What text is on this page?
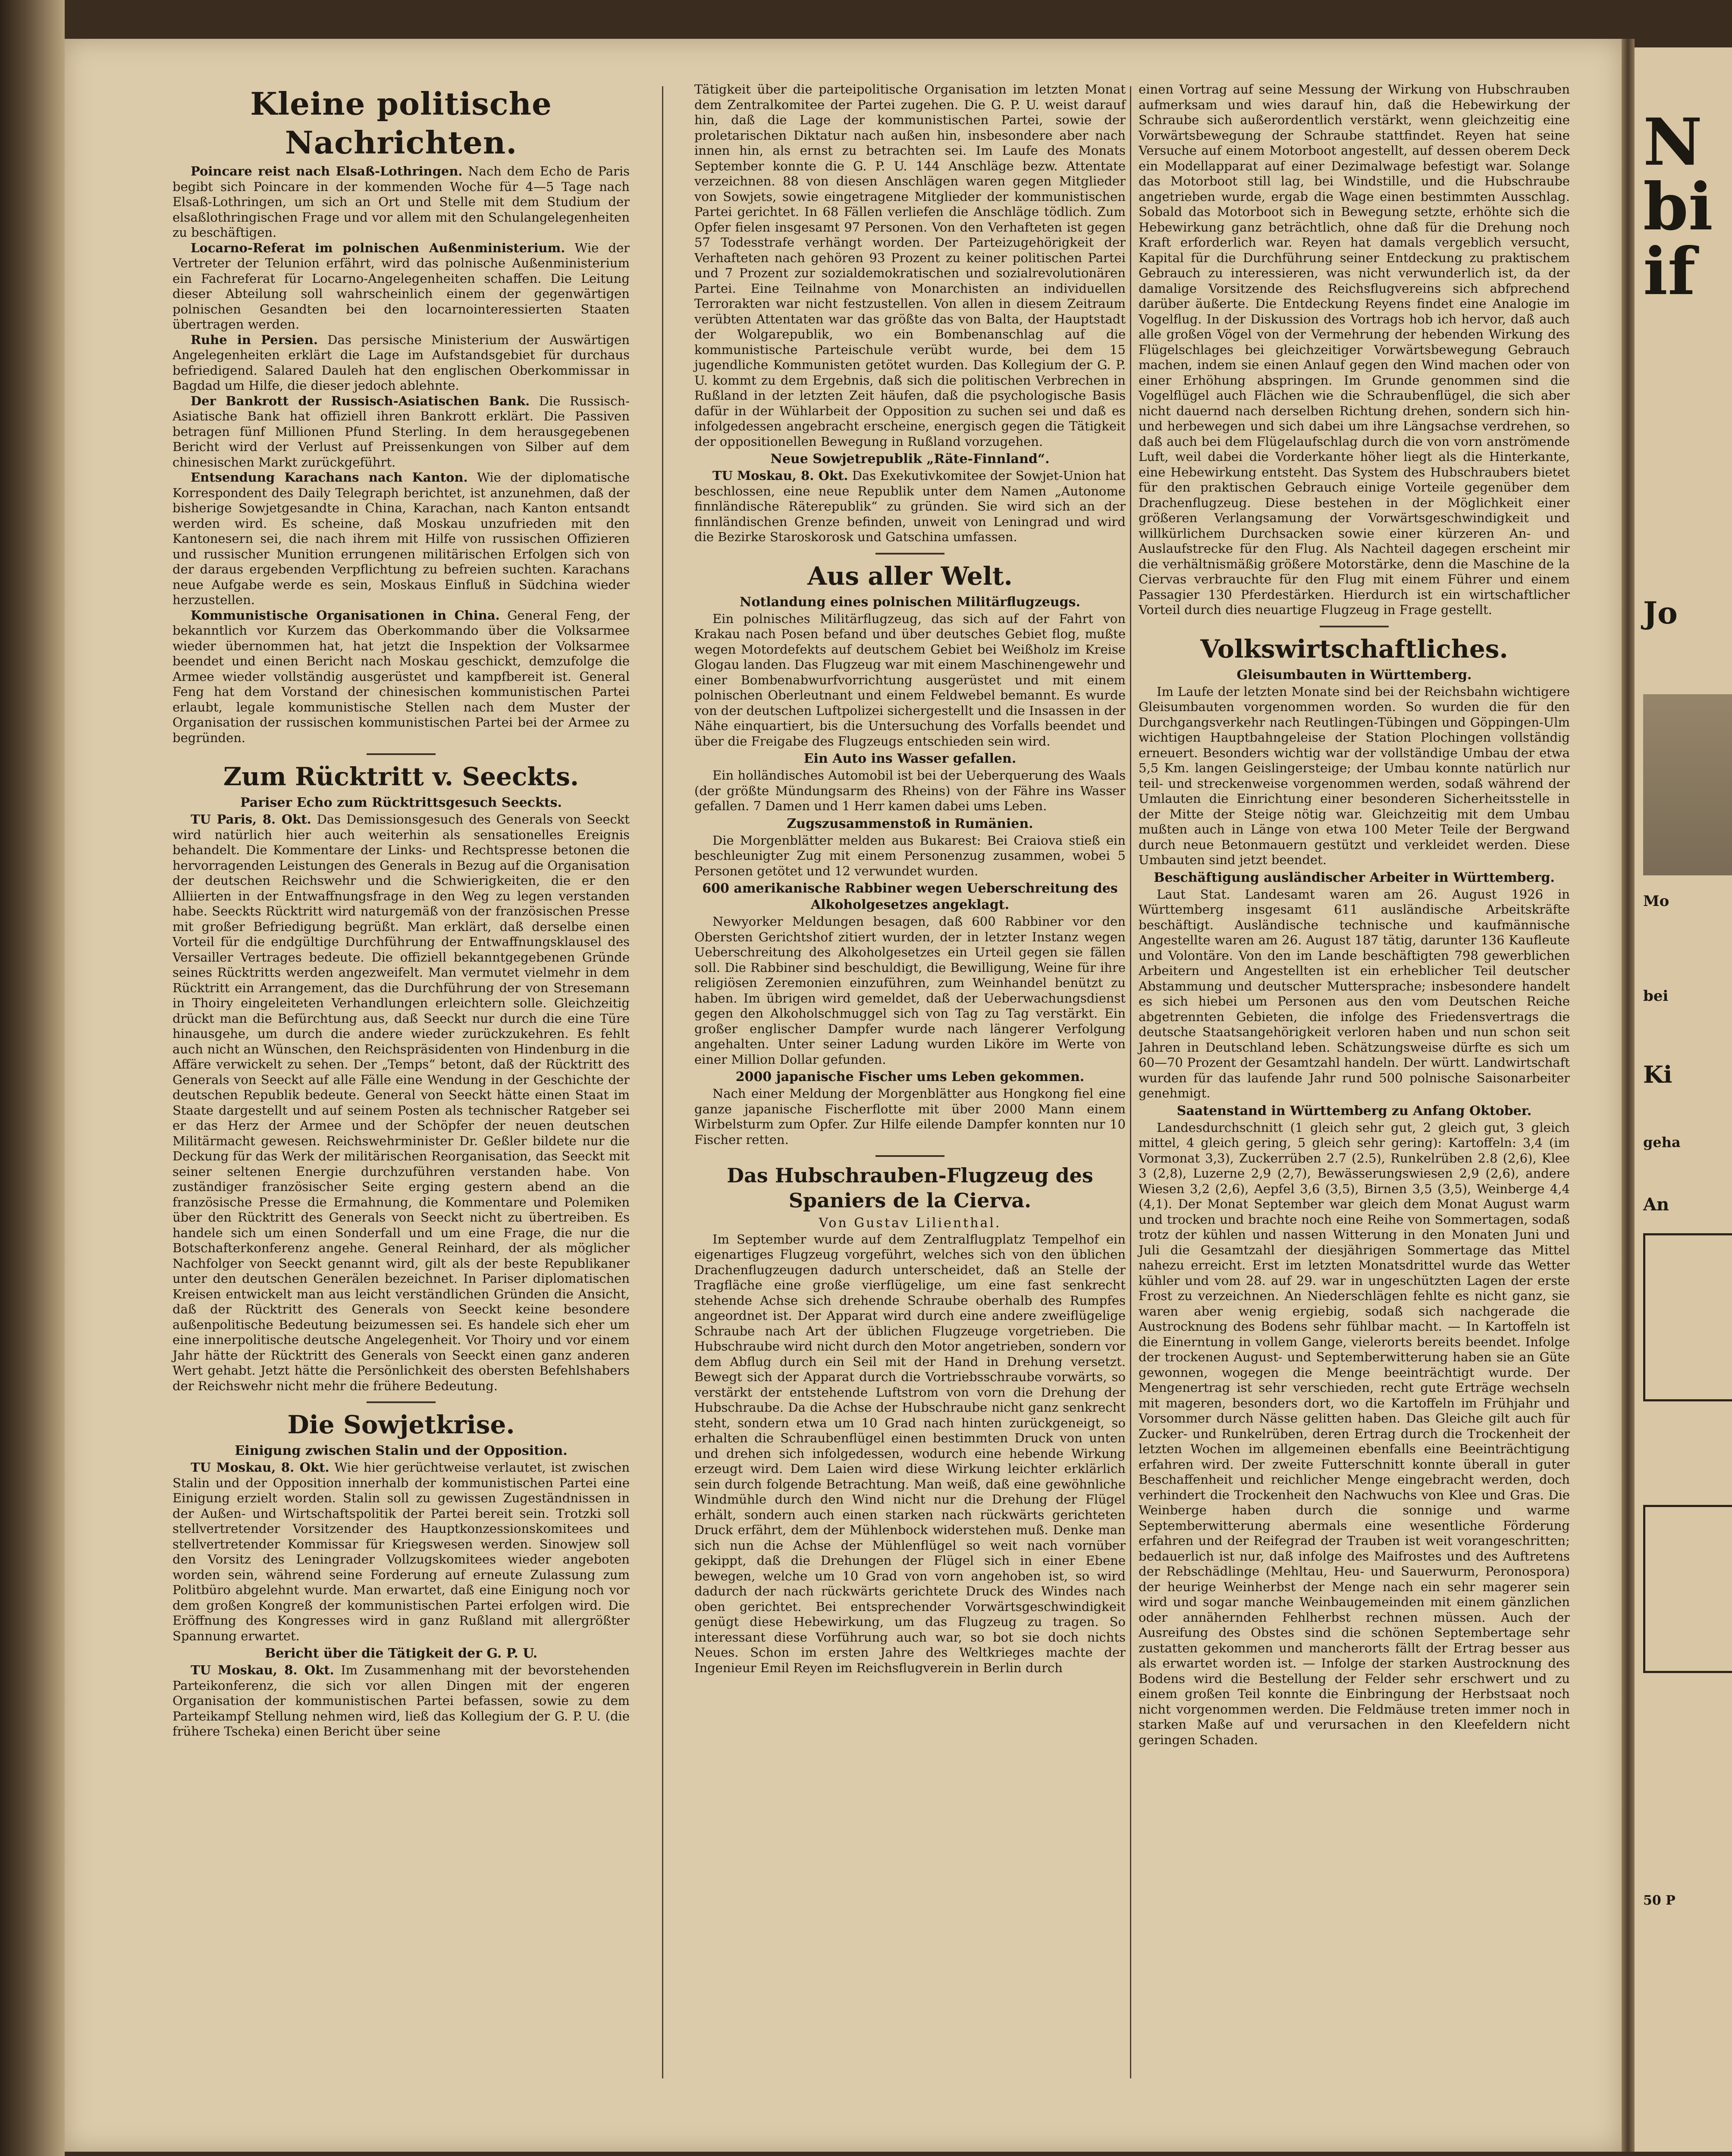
N
bi
if
Jo
Mo
bei
Ki
geha
An
50 P
Kleine politische Nachrichten.

Poincare reist nach Elsaß-Lothringen. Nach dem Echo de Paris begibt sich Poincare in der kommenden Woche für 4—5 Tage nach Elsaß-Lothringen, um sich an Ort und Stelle mit dem Studium der elsaßlothringischen Frage und vor allem mit den Schulangelegenheiten zu beschäftigen.

Locarno-Referat im polnischen Außenministerium. Wie der Vertreter der Telunion erfährt, wird das polnische Außenministerium ein Fachreferat für Locarno-Angelegenheiten schaffen. Die Leitung dieser Abteilung soll wahrscheinlich einem der gegenwärtigen polnischen Gesandten bei den locarnointeressierten Staaten übertragen werden.

Ruhe in Persien. Das persische Ministerium der Auswärtigen Angelegenheiten erklärt die Lage im Aufstandsgebiet für durchaus befriedigend. Salared Dauleh hat den englischen Oberkommissar in Bagdad um Hilfe, die dieser jedoch ablehnte.

Der Bankrott der Russisch-Asiatischen Bank. Die Russisch-Asiatische Bank hat offiziell ihren Bankrott erklärt. Die Passiven betragen fünf Millionen Pfund Sterling. In dem herausgegebenen Bericht wird der Verlust auf Preissenkungen von Silber auf dem chinesischen Markt zurückgeführt.

Entsendung Karachans nach Kanton. Wie der diplomatische Korrespondent des Daily Telegraph berichtet, ist anzunehmen, daß der bisherige Sowjetgesandte in China, Karachan, nach Kanton entsandt werden wird. Es scheine, daß Moskau unzufrieden mit den Kantonesern sei, die nach ihrem mit Hilfe von russischen Offizieren und russischer Munition errungenen militärischen Erfolgen sich von der daraus ergebenden Verpflichtung zu befreien suchten. Karachans neue Aufgabe werde es sein, Moskaus Einfluß in Südchina wieder herzustellen.

Kommunistische Organisationen in China. General Feng, der bekanntlich vor Kurzem das Oberkommando über die Volksarmee wieder übernommen hat, hat jetzt die Inspektion der Volksarmee beendet und einen Bericht nach Moskau geschickt, demzufolge die Armee wieder vollständig ausgerüstet und kampfbereit ist. General Feng hat dem Vorstand der chinesischen kommunistischen Partei erlaubt, legale kommunistische Stellen nach dem Muster der Organisation der russischen kommunistischen Partei bei der Armee zu begründen.

Zum Rücktritt v. Seeckts.
Pariser Echo zum Rücktrittsgesuch Seeckts.

TU Paris, 8. Okt. Das Demissionsgesuch des Generals von Seeckt wird natürlich hier auch weiterhin als sensationelles Ereignis behandelt. Die Kommentare der Links- und Rechtspresse betonen die hervorragenden Leistungen des Generals in Bezug auf die Organisation der deutschen Reichswehr und die Schwierigkeiten, die er den Alliierten in der Entwaffnungsfrage in den Weg zu legen verstanden habe. Seeckts Rücktritt wird naturgemäß von der französischen Presse mit großer Befriedigung begrüßt. Man erklärt, daß derselbe einen Vorteil für die endgültige Durchführung der Entwaffnungsklausel des Versailler Vertrages bedeute. Die offiziell bekanntgegebenen Gründe seines Rücktritts werden angezweifelt. Man vermutet vielmehr in dem Rücktritt ein Arrangement, das die Durchführung der von Stresemann in Thoiry eingeleiteten Verhandlungen erleichtern solle. Gleichzeitig drückt man die Befürchtung aus, daß Seeckt nur durch die eine Türe hinausgehe, um durch die andere wieder zurückzukehren. Es fehlt auch nicht an Wünschen, den Reichspräsidenten von Hindenburg in die Affäre verwickelt zu sehen. Der „Temps“ betont, daß der Rücktritt des Generals von Seeckt auf alle Fälle eine Wendung in der Geschichte der deutschen Republik bedeute. General von Seeckt hätte einen Staat im Staate dargestellt und auf seinem Posten als technischer Ratgeber sei er das Herz der Armee und der Schöpfer der neuen deutschen Militärmacht gewesen. Reichswehrminister Dr. Geßler bildete nur die Deckung für das Werk der militärischen Reorganisation, das Seeckt mit seiner seltenen Energie durchzuführen verstanden habe. Von zuständiger französischer Seite erging gestern abend an die französische Presse die Ermahnung, die Kommentare und Polemiken über den Rücktritt des Generals von Seeckt nicht zu übertreiben. Es handele sich um einen Sonderfall und um eine Frage, die nur die Botschafterkonferenz angehe. General Reinhard, der als möglicher Nachfolger von Seeckt genannt wird, gilt als der beste Republikaner unter den deutschen Generälen bezeichnet. In Pariser diplomatischen Kreisen entwickelt man aus leicht verständlichen Gründen die Ansicht, daß der Rücktritt des Generals von Seeckt keine besondere außenpolitische Bedeutung beizumessen sei. Es handele sich eher um eine innerpolitische deutsche Angelegenheit. Vor Thoiry und vor einem Jahr hätte der Rücktritt des Generals von Seeckt einen ganz anderen Wert gehabt. Jetzt hätte die Persönlichkeit des obersten Befehlshabers der Reichswehr nicht mehr die frühere Bedeutung.

Die Sowjetkrise.
Einigung zwischen Stalin und der Opposition.

TU Moskau, 8. Okt. Wie hier gerüchtweise verlautet, ist zwischen Stalin und der Opposition innerhalb der kommunistischen Partei eine Einigung erzielt worden. Stalin soll zu gewissen Zugeständnissen in der Außen- und Wirtschaftspolitik der Partei bereit sein. Trotzki soll stellvertretender Vorsitzender des Hauptkonzessionskomitees und stellvertretender Kommissar für Kriegswesen werden. Sinowjew soll den Vorsitz des Leningrader Vollzugskomitees wieder angeboten worden sein, während seine Forderung auf erneute Zulassung zum Politbüro abgelehnt wurde. Man erwartet, daß eine Einigung noch vor dem großen Kongreß der kommunistischen Partei erfolgen wird. Die Eröffnung des Kongresses wird in ganz Rußland mit allergrößter Spannung erwartet.

Bericht über die Tätigkeit der G. P. U.

TU Moskau, 8. Okt. Im Zusammenhang mit der bevorstehenden Parteikonferenz, die sich vor allen Dingen mit der engeren Organisation der kommunistischen Partei befassen, sowie zu dem Parteikampf Stellung nehmen wird, ließ das Kollegium der G. P. U. (die frühere Tscheka) einen Bericht über seine

Tätigkeit über die parteipolitische Organisation im letzten Monat dem Zentralkomitee der Partei zugehen. Die G. P. U. weist darauf hin, daß die Lage der kommunistischen Partei, sowie der proletarischen Diktatur nach außen hin, insbesondere aber nach innen hin, als ernst zu betrachten sei. Im Laufe des Monats September konnte die G. P. U. 144 Anschläge bezw. Attentate verzeichnen. 88 von diesen Anschlägen waren gegen Mitglieder von Sowjets, sowie eingetragene Mitglieder der kommunistischen Partei gerichtet. In 68 Fällen verliefen die Anschläge tödlich. Zum Opfer fielen insgesamt 97 Personen. Von den Verhafteten ist gegen 57 Todesstrafe verhängt worden. Der Parteizugehörigkeit der Verhafteten nach gehören 93 Prozent zu keiner politischen Partei und 7 Prozent zur sozialdemokratischen und sozialrevolutionären Partei. Eine Teilnahme von Monarchisten an individuellen Terrorakten war nicht festzustellen. Von allen in diesem Zeitraum verübten Attentaten war das größte das von Balta, der Hauptstadt der Wolgarepublik, wo ein Bombenanschlag auf die kommunistische Parteischule verübt wurde, bei dem 15 jugendliche Kommunisten getötet wurden. Das Kollegium der G. P. U. kommt zu dem Ergebnis, daß sich die politischen Verbrechen in Rußland in der letzten Zeit häufen, daß die psychologische Basis dafür in der Wühlarbeit der Opposition zu suchen sei und daß es infolgedessen angebracht erscheine, energisch gegen die Tätigkeit der oppositionellen Bewegung in Rußland vorzugehen.

Neue Sowjetrepublik „Räte-Finnland“.

TU Moskau, 8. Okt. Das Exekutivkomitee der Sowjet-Union hat beschlossen, eine neue Republik unter dem Namen „Autonome finnländische Räterepublik“ zu gründen. Sie wird sich an der finnländischen Grenze befinden, unweit von Leningrad und wird die Bezirke Staroskorosk und Gatschina umfassen.

Aus aller Welt.
Notlandung eines polnischen Militärflugzeugs.

Ein polnisches Militärflugzeug, das sich auf der Fahrt von Krakau nach Posen befand und über deutsches Gebiet flog, mußte wegen Motordefekts auf deutschem Gebiet bei Weißholz im Kreise Glogau landen. Das Flugzeug war mit einem Maschinengewehr und einer Bombenabwurfvorrichtung ausgerüstet und mit einem polnischen Oberleutnant und einem Feldwebel bemannt. Es wurde von der deutschen Luftpolizei sichergestellt und die Insassen in der Nähe einquartiert, bis die Untersuchung des Vorfalls beendet und über die Freigabe des Flugzeugs entschieden sein wird.

Ein Auto ins Wasser gefallen.

Ein holländisches Automobil ist bei der Ueberquerung des Waals (der größte Mündungsarm des Rheins) von der Fähre ins Wasser gefallen. 7 Damen und 1 Herr kamen dabei ums Leben.

Zugszusammenstoß in Rumänien.

Die Morgenblätter melden aus Bukarest: Bei Craiova stieß ein beschleunigter Zug mit einem Personenzug zusammen, wobei 5 Personen getötet und 12 verwundet wurden.

600 amerikanische Rabbiner wegen Ueberschreitung des Alkoholgesetzes angeklagt.

Newyorker Meldungen besagen, daß 600 Rabbiner vor den Obersten Gerichtshof zitiert wurden, der in letzter Instanz wegen Ueberschreitung des Alkoholgesetzes ein Urteil gegen sie fällen soll. Die Rabbiner sind beschuldigt, die Bewilligung, Weine für ihre religiösen Zeremonien einzuführen, zum Weinhandel benützt zu haben. Im übrigen wird gemeldet, daß der Ueberwachungsdienst gegen den Alkoholschmuggel sich von Tag zu Tag verstärkt. Ein großer englischer Dampfer wurde nach längerer Verfolgung angehalten. Unter seiner Ladung wurden Liköre im Werte von einer Million Dollar gefunden.

2000 japanische Fischer ums Leben gekommen.

Nach einer Meldung der Morgenblätter aus Hongkong fiel eine ganze japanische Fischerflotte mit über 2000 Mann einem Wirbelsturm zum Opfer. Zur Hilfe eilende Dampfer konnten nur 10 Fischer retten.

Das Hubschrauben-Flugzeug des Spaniers de la Cierva.
Von Gustav Lilienthal.

Im September wurde auf dem Zentralflugplatz Tempelhof ein eigenartiges Flugzeug vorgeführt, welches sich von den üblichen Drachenflugzeugen dadurch unterscheidet, daß an Stelle der Tragfläche eine große vierflügelige, um eine fast senkrecht stehende Achse sich drehende Schraube oberhalb des Rumpfes angeordnet ist. Der Apparat wird durch eine andere zweiflügelige Schraube nach Art der üblichen Flugzeuge vorgetrieben. Die Hubschraube wird nicht durch den Motor angetrieben, sondern vor dem Abflug durch ein Seil mit der Hand in Drehung versetzt. Bewegt sich der Apparat durch die Vortriebsschraube vorwärts, so verstärkt der entstehende Luftstrom von vorn die Drehung der Hubschraube. Da die Achse der Hubschraube nicht ganz senkrecht steht, sondern etwa um 10 Grad nach hinten zurückgeneigt, so erhalten die Schraubenflügel einen bestimmten Druck von unten und drehen sich infolgedessen, wodurch eine hebende Wirkung erzeugt wird. Dem Laien wird diese Wirkung leichter erklärlich sein durch folgende Betrachtung. Man weiß, daß eine gewöhnliche Windmühle durch den Wind nicht nur die Drehung der Flügel erhält, sondern auch einen starken nach rückwärts gerichteten Druck erfährt, dem der Mühlenbock widerstehen muß. Denke man sich nun die Achse der Mühlenflügel so weit nach vornüber gekippt, daß die Drehungen der Flügel sich in einer Ebene bewegen, welche um 10 Grad von vorn angehoben ist, so wird dadurch der nach rückwärts gerichtete Druck des Windes nach oben gerichtet. Bei entsprechender Vorwärtsgeschwindigkeit genügt diese Hebewirkung, um das Flugzeug zu tragen. So interessant diese Vorführung auch war, so bot sie doch nichts Neues. Schon im ersten Jahre des Weltkrieges machte der Ingenieur Emil Reyen im Reichsflugverein in Berlin durch

einen Vortrag auf seine Messung der Wirkung von Hubschrauben aufmerksam und wies darauf hin, daß die Hebewirkung der Schraube sich außerordentlich verstärkt, wenn gleichzeitig eine Vorwärtsbewegung der Schraube stattfindet. Reyen hat seine Versuche auf einem Motorboot angestellt, auf dessen oberem Deck ein Modellapparat auf einer Dezimalwage befestigt war. Solange das Motorboot still lag, bei Windstille, und die Hubschraube angetrieben wurde, ergab die Wage einen bestimmten Ausschlag. Sobald das Motorboot sich in Bewegung setzte, erhöhte sich die Hebewirkung ganz beträchtlich, ohne daß für die Drehung noch Kraft erforderlich war. Reyen hat damals vergeblich versucht, Kapital für die Durchführung seiner Entdeckung zu praktischem Gebrauch zu interessieren, was nicht verwunderlich ist, da der damalige Vorsitzende des Reichsflugvereins sich abfprechend darüber äußerte. Die Entdeckung Reyens findet eine Analogie im Vogelflug. In der Diskussion des Vortrags hob ich hervor, daß auch alle großen Vögel von der Vermehrung der hebenden Wirkung des Flügelschlages bei gleichzeitiger Vorwärtsbewegung Gebrauch machen, indem sie einen Anlauf gegen den Wind machen oder von einer Erhöhung abspringen. Im Grunde genommen sind die Vogelflügel auch Flächen wie die Schraubenflügel, die sich aber nicht dauernd nach derselben Richtung drehen, sondern sich hin- und herbewegen und sich dabei um ihre Längsachse verdrehen, so daß auch bei dem Flügelaufschlag durch die von vorn anströmende Luft, weil dabei die Vorderkante höher liegt als die Hinterkante, eine Hebewirkung entsteht. Das System des Hubschraubers bietet für den praktischen Gebrauch einige Vorteile gegenüber dem Drachenflugzeug. Diese bestehen in der Möglichkeit einer größeren Verlangsamung der Vorwärtsgeschwindigkeit und willkürlichem Durchsacken sowie einer kürzeren An- und Auslaufstrecke für den Flug. Als Nachteil dagegen erscheint mir die verhältnismäßig größere Motorstärke, denn die Maschine de la Ciervas verbrauchte für den Flug mit einem Führer und einem Passagier 130 Pferdestärken. Hierdurch ist ein wirtschaftlicher Vorteil durch dies neuartige Flugzeug in Frage gestellt.

Volkswirtschaftliches.
Gleisumbauten in Württemberg.

Im Laufe der letzten Monate sind bei der Reichsbahn wichtigere Gleisumbauten vorgenommen worden. So wurden die für den Durchgangsverkehr nach Reutlingen-Tübingen und Göppingen-Ulm wichtigen Hauptbahngeleise der Station Plochingen vollständig erneuert. Besonders wichtig war der vollständige Umbau der etwa 5,5 Km. langen Geislingersteige; der Umbau konnte natürlich nur teil- und streckenweise vorgenommen werden, sodaß während der Umlauten die Einrichtung einer besonderen Sicherheitsstelle in der Mitte der Steige nötig war. Gleichzeitig mit dem Umbau mußten auch in Länge von etwa 100 Meter Teile der Bergwand durch neue Betonmauern gestützt und verkleidet werden. Diese Umbauten sind jetzt beendet.

Beschäftigung ausländischer Arbeiter in Württemberg.

Laut Stat. Landesamt waren am 26. August 1926 in Württemberg insgesamt 611 ausländische Arbeitskräfte beschäftigt. Ausländische technische und kaufmännische Angestellte waren am 26. August 187 tätig, darunter 136 Kaufleute und Volontäre. Von den im Lande beschäftigten 798 gewerblichen Arbeitern und Angestellten ist ein erheblicher Teil deutscher Abstammung und deutscher Muttersprache; insbesondere handelt es sich hiebei um Personen aus den vom Deutschen Reiche abgetrennten Gebieten, die infolge des Friedensvertrags die deutsche Staatsangehörigkeit verloren haben und nun schon seit Jahren in Deutschland leben. Schätzungsweise dürfte es sich um 60—70 Prozent der Gesamtzahl handeln. Der württ. Landwirtschaft wurden für das laufende Jahr rund 500 polnische Saisonarbeiter genehmigt.

Saatenstand in Württemberg zu Anfang Oktober.

Landesdurchschnitt (1 gleich sehr gut, 2 gleich gut, 3 gleich mittel, 4 gleich gering, 5 gleich sehr gering): Kartoffeln: 3,4 (im Vormonat 3,3), Zuckerrüben 2.7 (2.5), Runkelrüben 2.8 (2,6), Klee 3 (2,8), Luzerne 2,9 (2,7), Bewässerungswiesen 2,9 (2,6), andere Wiesen 3,2 (2,6), Aepfel 3,6 (3,5), Birnen 3,5 (3,5), Weinberge 4,4 (4,1). Der Monat September war gleich dem Monat August warm und trocken und brachte noch eine Reihe von Sommertagen, sodaß trotz der kühlen und nassen Witterung in den Monaten Juni und Juli die Gesamtzahl der diesjährigen Sommertage das Mittel nahezu erreicht. Erst im letzten Monatsdrittel wurde das Wetter kühler und vom 28. auf 29. war in ungeschützten Lagen der erste Frost zu verzeichnen. An Niederschlägen fehlte es nicht ganz, sie waren aber wenig ergiebig, sodaß sich nachgerade die Austrocknung des Bodens sehr fühlbar macht. — In Kartoffeln ist die Einerntung in vollem Gange, vielerorts bereits beendet. Infolge der trockenen August- und Septemberwitterung haben sie an Güte gewonnen, wogegen die Menge beeinträchtigt wurde. Der Mengenertrag ist sehr verschieden, recht gute Erträge wechseln mit mageren, besonders dort, wo die Kartoffeln im Frühjahr und Vorsommer durch Nässe gelitten haben. Das Gleiche gilt auch für Zucker- und Runkelrüben, deren Ertrag durch die Trockenheit der letzten Wochen im allgemeinen ebenfalls eine Beeinträchtigung erfahren wird. Der zweite Futterschnitt konnte überall in guter Beschaffenheit und reichlicher Menge eingebracht werden, doch verhindert die Trockenheit den Nachwuchs von Klee und Gras. Die Weinberge haben durch die sonnige und warme Septemberwitterung abermals eine wesentliche Förderung erfahren und der Reifegrad der Trauben ist weit vorangeschritten; bedauerlich ist nur, daß infolge des Maifrostes und des Auftretens der Rebschädlinge (Mehltau, Heu- und Sauerwurm, Peronospora) der heurige Weinherbst der Menge nach ein sehr magerer sein wird und sogar manche Weinbaugemeinden mit einem gänzlichen oder annähernden Fehlherbst rechnen müssen. Auch der Ausreifung des Obstes sind die schönen Septembertage sehr zustatten gekommen und mancherorts fällt der Ertrag besser aus als erwartet worden ist. — Infolge der starken Austrocknung des Bodens wird die Bestellung der Felder sehr erschwert und zu einem großen Teil konnte die Einbringung der Herbstsaat noch nicht vorgenommen werden. Die Feldmäuse treten immer noch in starken Maße auf und verursachen in den Kleefeldern nicht geringen Schaden.
